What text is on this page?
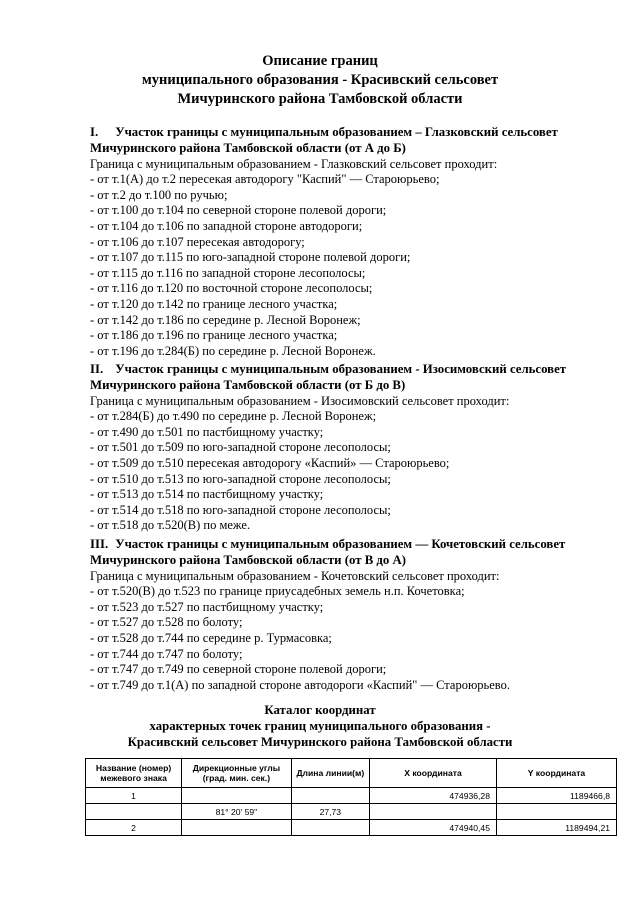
Описание границ
муниципального образования - Красивский сельсовет
Мичуринского района Тамбовской области
I. Участок границы с муниципальным образованием – Глазковский сельсовет
Мичуринского района Тамбовской области (от А до Б)
Граница с муниципальным образованием - Глазковский сельсовет проходит:
- от т.1(А) до т.2 пересекая автодорогу "Каспий" — Староюрьево;
- от т.2 до т.100 по ручью;
- от т.100 до т.104 по северной стороне полевой дороги;
- от т.104 до т.106 по западной стороне автодороги;
- от т.106 до т.107 пересекая автодорогу;
- от т.107 до т.115 по юго-западной стороне полевой дороги;
- от т.115 до т.116 по западной стороне лесополосы;
- от т.116 до т.120 по восточной стороне лесополосы;
- от т.120 до т.142 по границе лесного участка;
- от т.142 до т.186 по середине р. Лесной Воронеж;
- от т.186 до т.196 по границе лесного участка;
- от т.196 до т.284(Б) по середине р. Лесной Воронеж.
II. Участок границы с муниципальным образованием - Изосимовский сельсовет
Мичуринского района Тамбовской области (от Б до В)
Граница с муниципальным образованием - Изосимовский сельсовет проходит:
- от т.284(Б) до т.490 по середине р. Лесной Воронеж;
- от т.490 до т.501 по пастбищному участку;
- от т.501 до т.509 по юго-западной стороне лесополосы;
- от т.509 до т.510 пересекая автодорогу «Каспий» — Староюрьево;
- от т.510 до т.513 по юго-западной стороне лесополосы;
- от т.513 до т.514 по пастбищному участку;
- от т.514 до т.518 по юго-западной стороне лесополосы;
- от т.518 до т.520(В) по меже.
III. Участок границы с муниципальным образованием — Кочетовский сельсовет
Мичуринского района Тамбовской области (от В до А)
Граница с муниципальным образованием - Кочетовский сельсовет проходит:
- от т.520(В) до т.523 по границе приусадебных земель н.п. Кочетовка;
- от т.523 до т.527 по пастбищному участку;
- от т.527 до т.528 по болоту;
- от т.528 до т.744 по середине р. Турмасовка;
- от т.744 до т.747 по болоту;
- от т.747 до т.749 по северной стороне полевой дороги;
- от т.749 до т.1(А) по западной стороне автодороги «Каспий" — Староюрьево.
Каталог координат
характерных точек границ муниципального образования -
Красивский сельсовет Мичуринского района Тамбовской области
Название (номер) межевого знака	Дирекционные углы (град. мин. сек.)	Длина линии(м)	X координата	Y координата
1			474936,28	1189466,8
	81° 20' 59"	27,73		
2			474940,45	1189494,21
